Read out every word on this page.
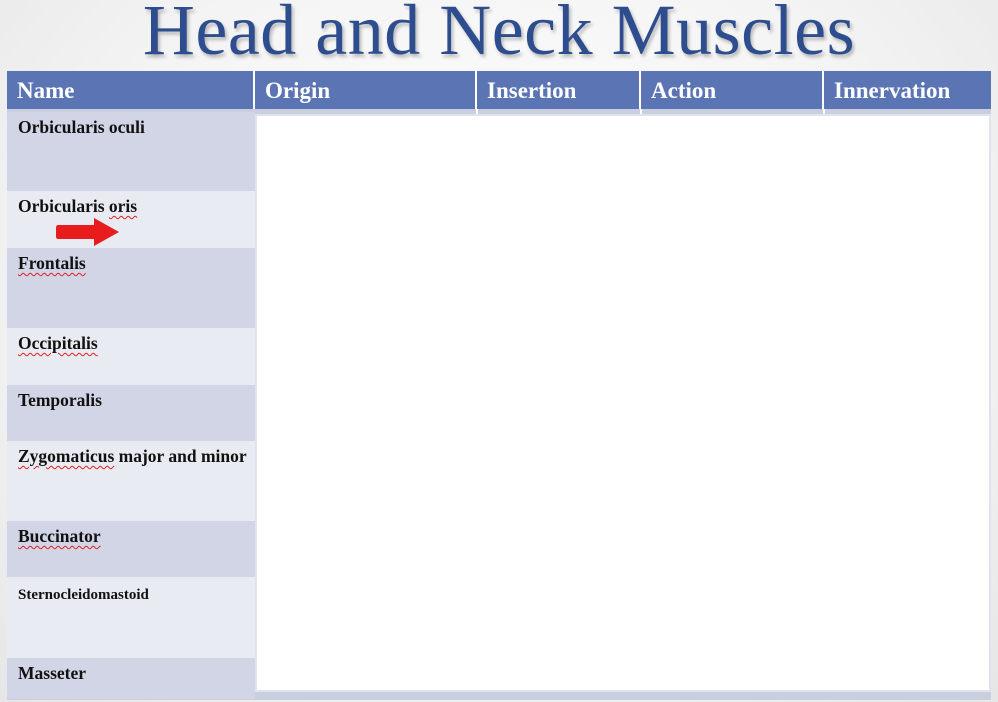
Head and Neck Muscles
Name	Origin	Insertion	Action	Innervation
Orbicularis oculi
Orbicularis oris
Frontalis
Occipitalis
Temporalis
Zygomaticus major and minor
Buccinator
Sternocleidomastoid
Masseter
